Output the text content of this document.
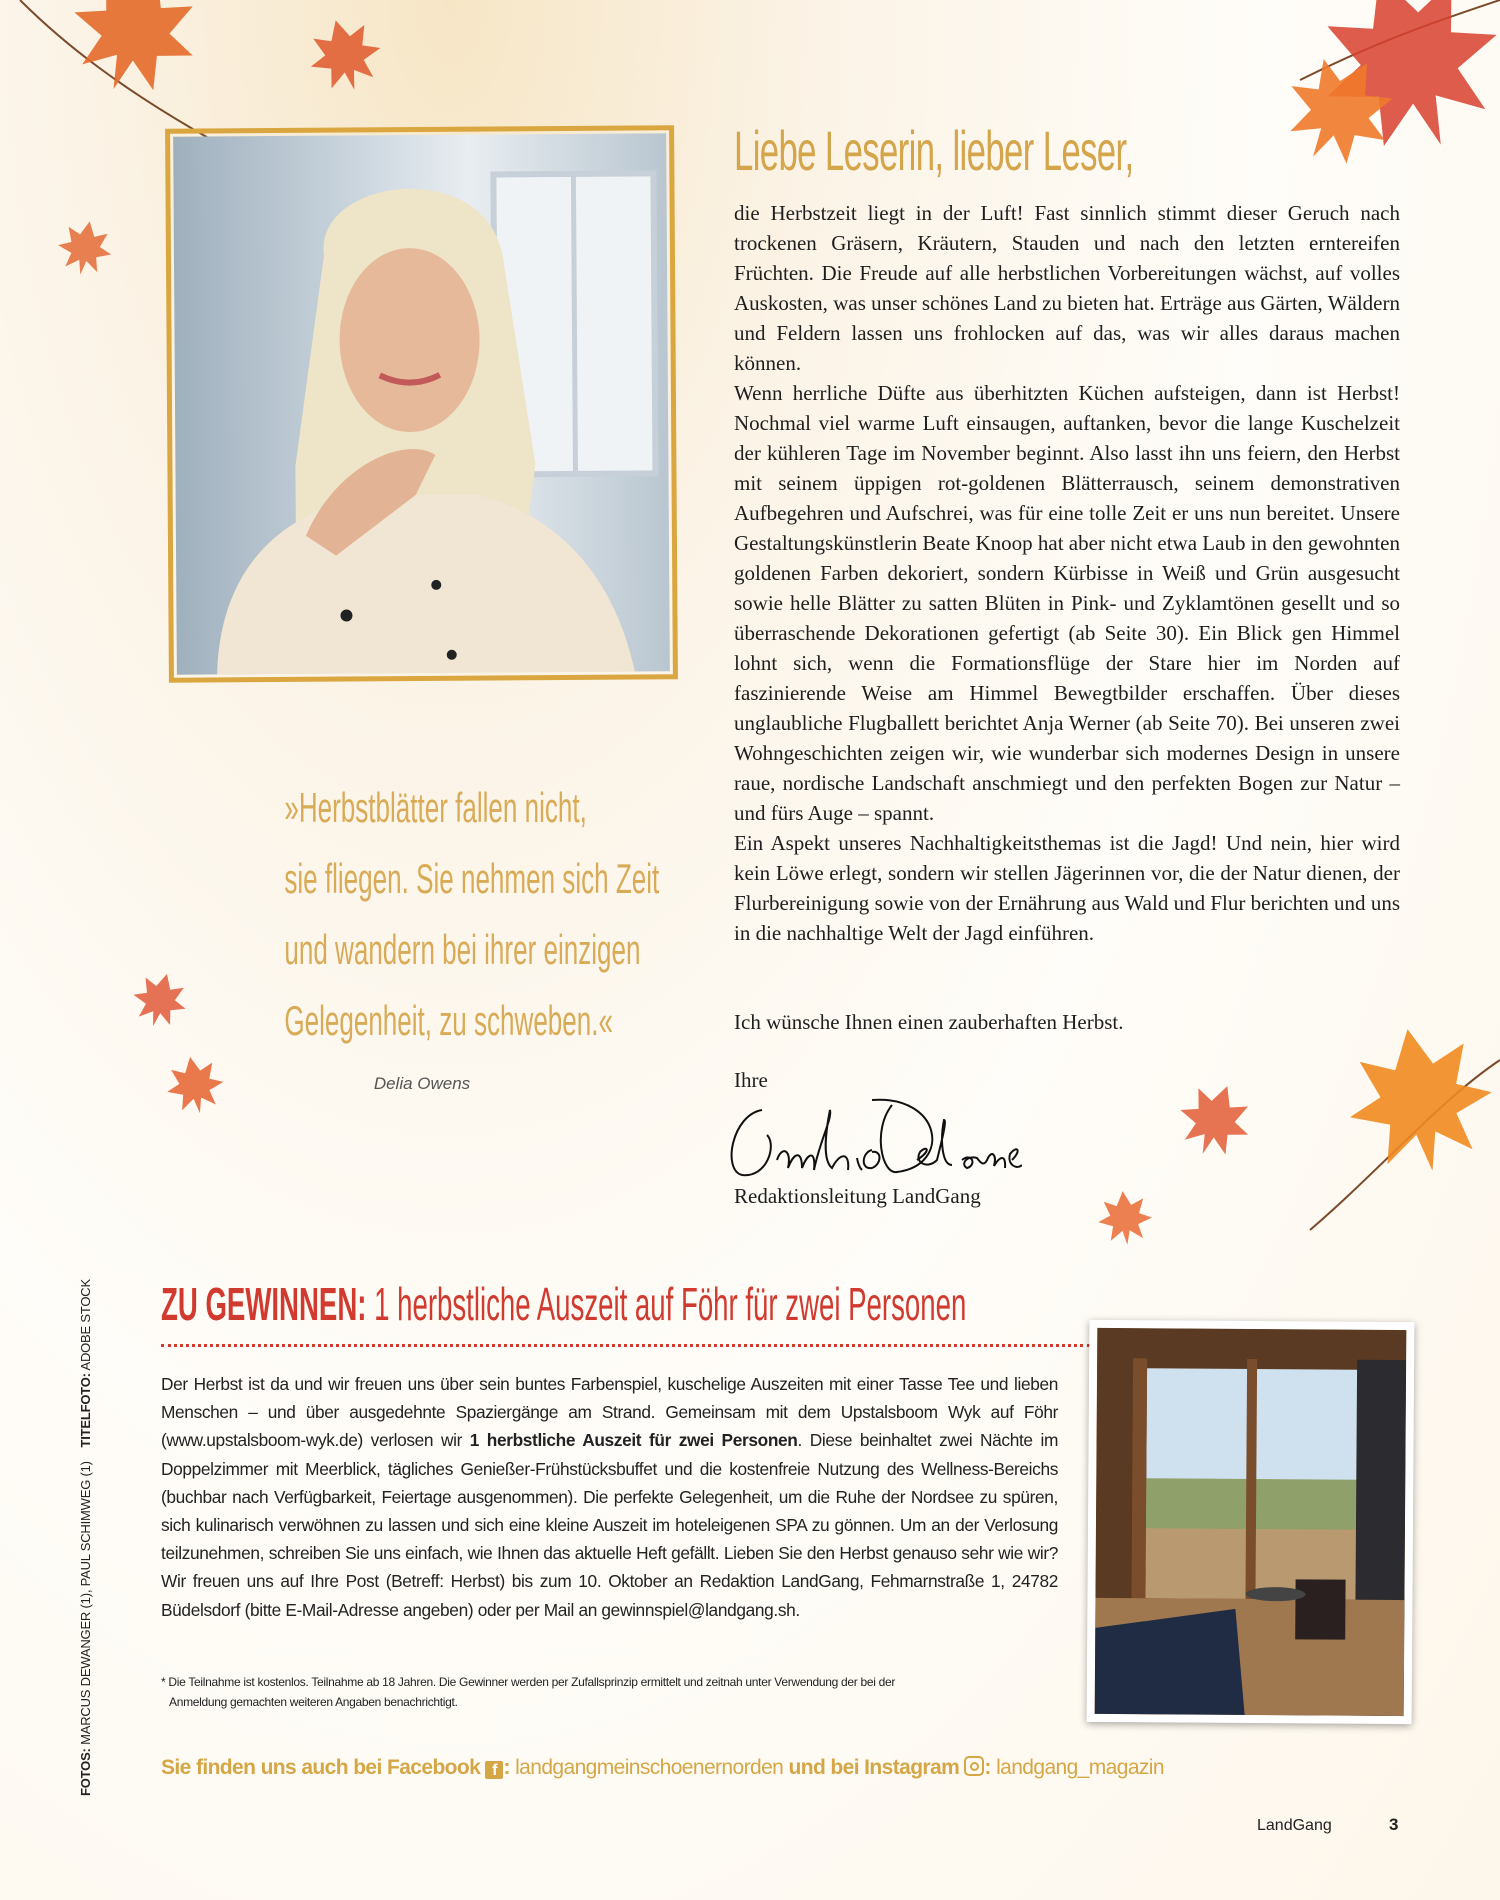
Liebe Leserin, lieber Leser,

die Herbstzeit liegt in der Luft! Fast sinnlich stimmt dieser Geruch nach trockenen Gräsern, Kräutern, Stauden und nach den letzten erntereifen Früchten. Die Freude auf alle herbstlichen Vorbereitungen wächst, auf volles Auskosten, was unser schönes Land zu bieten hat. Erträge aus Gärten, Wäldern und Feldern lassen uns frohlocken auf das, was wir alles daraus machen können.

Wenn herrliche Düfte aus überhitzten Küchen aufsteigen, dann ist Herbst! Nochmal viel warme Luft einsaugen, auftanken, bevor die lange Kuschelzeit der kühleren Tage im November beginnt. Also lasst ihn uns feiern, den Herbst mit seinem üppigen rot-goldenen Blätterrausch, seinem demonstrativen Aufbegehren und Aufschrei, was für eine tolle Zeit er uns nun bereitet. Unsere Gestaltungskünstlerin Beate Knoop hat aber nicht etwa Laub in den gewohnten goldenen Farben dekoriert, sondern Kürbisse in Weiß und Grün ausgesucht sowie helle Blätter zu satten Blüten in Pink- und Zyklamtönen gesellt und so überraschende Dekorationen gefertigt (ab Seite 30). Ein Blick gen Himmel lohnt sich, wenn die Formationsflüge der Stare hier im Norden auf faszinierende Weise am Himmel Bewegtbilder erschaffen. Über dieses unglaubliche Flugballett berichtet Anja Werner (ab Seite 70). Bei unseren zwei Wohngeschichten zeigen wir, wie wunderbar sich modernes Design in unsere raue, nordische Landschaft anschmiegt und den perfekten Bogen zur Natur – und fürs Auge – spannt.

Ein Aspekt unseres Nachhaltigkeitsthemas ist die Jagd! Und nein, hier wird kein Löwe erlegt, sondern wir stellen Jägerinnen vor, die der Natur dienen, der Flurbereinigung sowie von der Ernährung aus Wald und Flur berichten und uns in die nachhaltige Welt der Jagd einführen.

Ich wünsche Ihnen einen zauberhaften Herbst.
Ihre
Redaktionsleitung LandGang
»Herbstblätter fallen nicht,
sie fliegen. Sie nehmen sich Zeit
und wandern bei ihrer einzigen
Gelegenheit, zu schweben.«
Delia Owens
ZU GEWINNEN: 1 herbstliche Auszeit auf Föhr für zwei Personen
Der Herbst ist da und wir freuen uns über sein buntes Farbenspiel, kuschelige Auszeiten mit einer Tasse Tee und lieben Menschen – und über ausgedehnte Spaziergänge am Strand. Gemeinsam mit dem Upstalsboom Wyk auf Föhr (www.upstalsboom-wyk.de) verlosen wir 1 herbstliche Auszeit für zwei Personen. Diese beinhaltet zwei Nächte im Doppelzimmer mit Meerblick, tägliches Genießer-Frühstücksbuffet und die kostenfreie Nutzung des Wellness-Bereichs (buchbar nach Verfügbarkeit, Feiertage ausgenommen). Die perfekte Gelegenheit, um die Ruhe der Nordsee zu spüren, sich kulinarisch verwöhnen zu lassen und sich eine kleine Auszeit im hoteleigenen SPA zu gönnen. Um an der Verlosung teilzunehmen, schreiben Sie uns einfach, wie Ihnen das aktuelle Heft gefällt. Lieben Sie den Herbst genauso sehr wie wir? Wir freuen uns auf Ihre Post (Betreff: Herbst) bis zum 10. Oktober an Redaktion LandGang, Fehmarnstraße 1, 24782 Büdelsdorf (bitte E-Mail-Adresse angeben) oder per Mail an gewinnspiel@landgang.sh.
* Die Teilnahme ist kostenlos. Teilnahme ab 18 Jahren. Die Gewinner werden per Zufallsprinzip ermittelt und zeitnah unter Verwendung der bei der
Anmeldung gemachten weiteren Angaben benachrichtigt.
Sie finden uns auch bei Facebook f : landgangmeinschoenernorden und bei Instagram : landgang_magazin
FOTOS: MARCUS DEWANGER (1), PAUL SCHIMWEG (1)    TITELFOTO: ADOBE STOCK
LandGang	3
